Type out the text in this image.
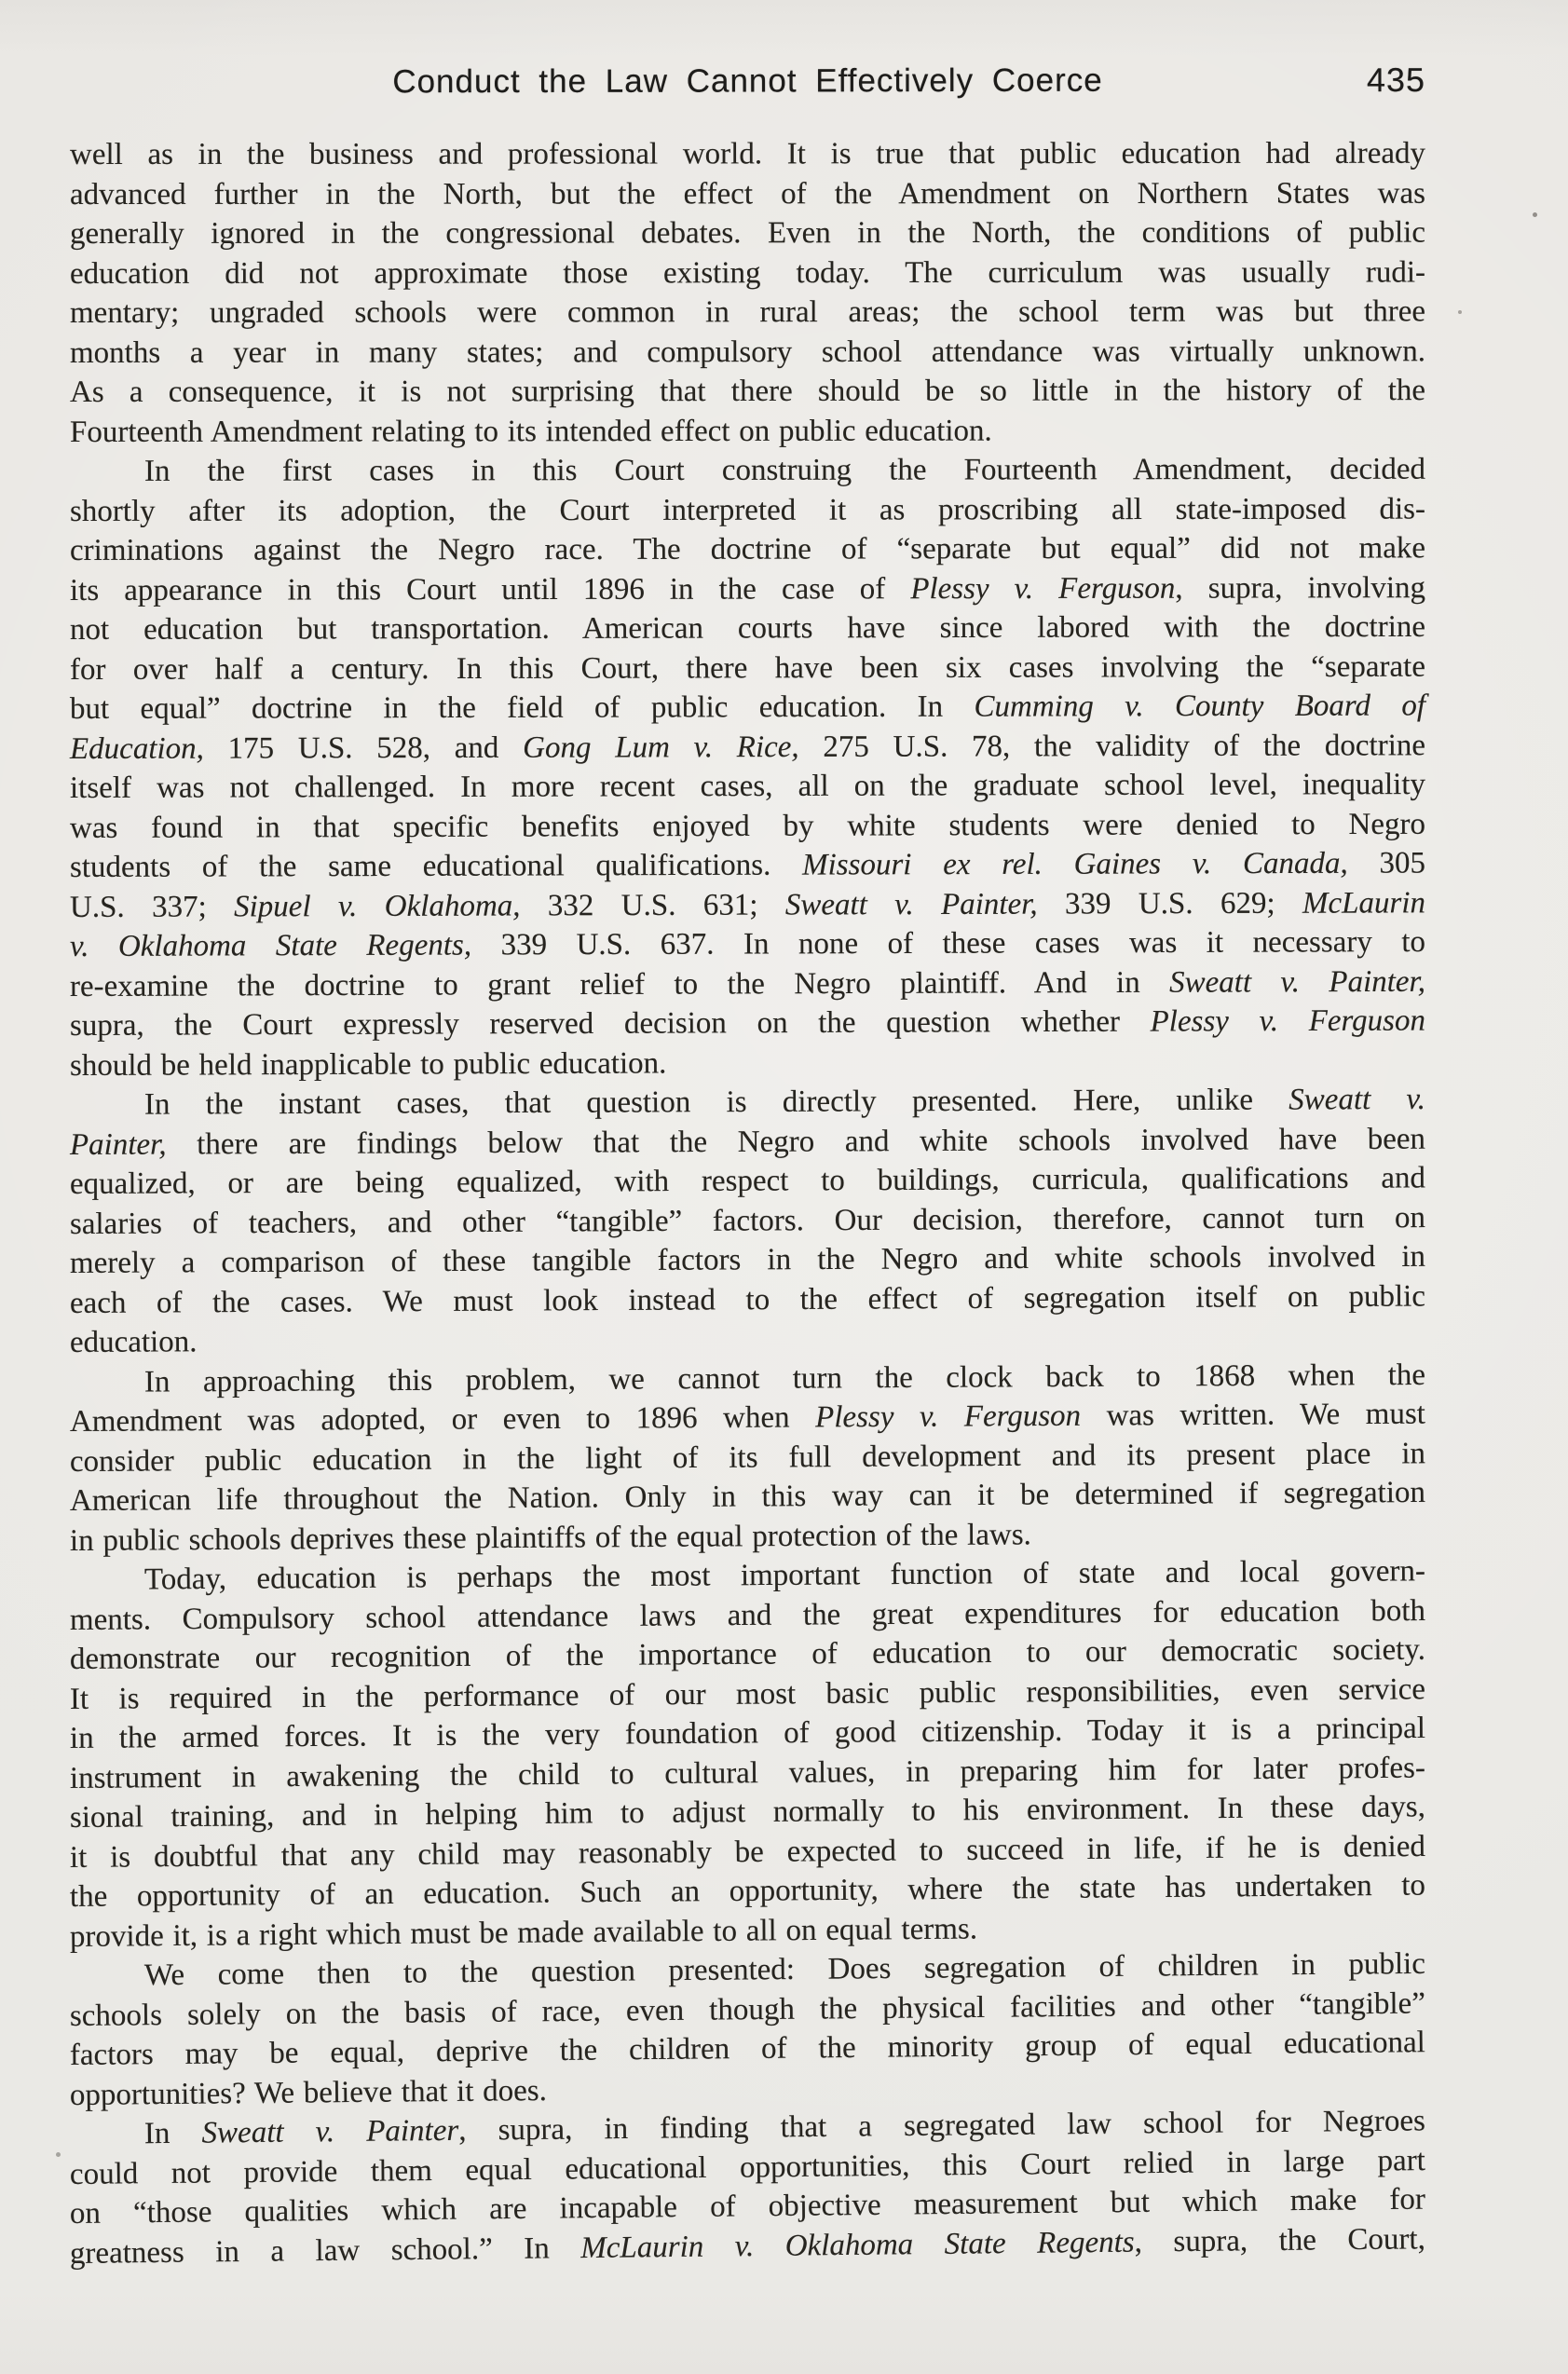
Conduct the Law Cannot Effectively Coerce	435
well as in the business and professional world. It is true that public education had already
advanced further in the North, but the effect of the Amendment on Northern States was
generally ignored in the congressional debates. Even in the North, the conditions of public
education did not approximate those existing today. The curriculum was usually rudi-
mentary; ungraded schools were common in rural areas; the school term was but three
months a year in many states; and compulsory school attendance was virtually unknown.
As a consequence, it is not surprising that there should be so little in the history of the
Fourteenth Amendment relating to its intended effect on public education.
In the first cases in this Court construing the Fourteenth Amendment, decided
shortly after its adoption, the Court interpreted it as proscribing all state-imposed dis-
criminations against the Negro race. The doctrine of “separate but equal” did not make
its appearance in this Court until 1896 in the case of Plessy v. Ferguson, supra, involving
not education but transportation. American courts have since labored with the doctrine
for over half a century. In this Court, there have been six cases involving the “separate
but equal” doctrine in the field of public education. In Cumming v. County Board of
Education, 175 U.S. 528, and Gong Lum v. Rice, 275 U.S. 78, the validity of the doctrine
itself was not challenged. In more recent cases, all on the graduate school level, inequality
was found in that specific benefits enjoyed by white students were denied to Negro
students of the same educational qualifications. Missouri ex rel. Gaines v. Canada, 305
U.S. 337; Sipuel v. Oklahoma, 332 U.S. 631; Sweatt v. Painter, 339 U.S. 629; McLaurin
v. Oklahoma State Regents, 339 U.S. 637. In none of these cases was it necessary to
re-examine the doctrine to grant relief to the Negro plaintiff. And in Sweatt v. Painter,
supra, the Court expressly reserved decision on the question whether Plessy v. Ferguson
should be held inapplicable to public education.
In the instant cases, that question is directly presented. Here, unlike Sweatt v.
Painter, there are findings below that the Negro and white schools involved have been
equalized, or are being equalized, with respect to buildings, curricula, qualifications and
salaries of teachers, and other “tangible” factors. Our decision, therefore, cannot turn on
merely a comparison of these tangible factors in the Negro and white schools involved in
each of the cases. We must look instead to the effect of segregation itself on public
education.
In approaching this problem, we cannot turn the clock back to 1868 when the
Amendment was adopted, or even to 1896 when Plessy v. Ferguson was written. We must
consider public education in the light of its full development and its present place in
American life throughout the Nation. Only in this way can it be determined if segregation
in public schools deprives these plaintiffs of the equal protection of the laws.
Today, education is perhaps the most important function of state and local govern-
ments. Compulsory school attendance laws and the great expenditures for education both
demonstrate our recognition of the importance of education to our democratic society.
It is required in the performance of our most basic public responsibilities, even service
in the armed forces. It is the very foundation of good citizenship. Today it is a principal
instrument in awakening the child to cultural values, in preparing him for later profes-
sional training, and in helping him to adjust normally to his environment. In these days,
it is doubtful that any child may reasonably be expected to succeed in life, if he is denied
the opportunity of an education. Such an opportunity, where the state has undertaken to
provide it, is a right which must be made available to all on equal terms.
We come then to the question presented: Does segregation of children in public
schools solely on the basis of race, even though the physical facilities and other “tangible”
factors may be equal, deprive the children of the minority group of equal educational
opportunities? We believe that it does.
In Sweatt v. Painter, supra, in finding that a segregated law school for Negroes
could not provide them equal educational opportunities, this Court relied in large part
on “those qualities which are incapable of objective measurement but which make for
greatness in a law school.” In McLaurin v. Oklahoma State Regents, supra, the Court,
